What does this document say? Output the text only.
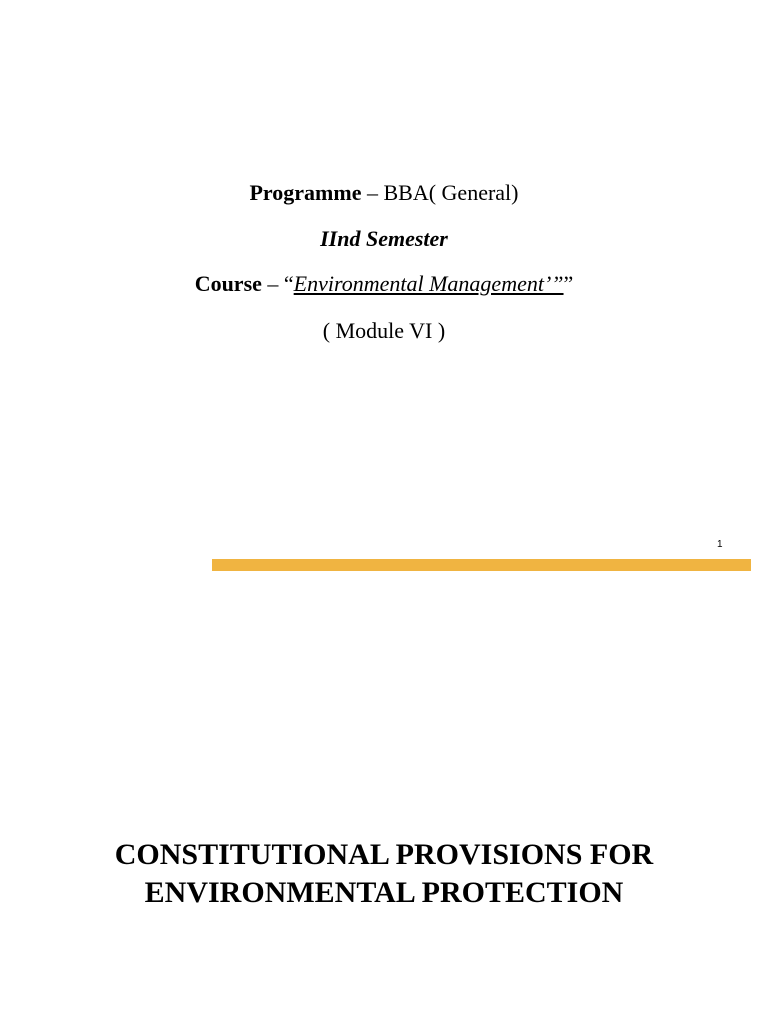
Programme – BBA( General)
IInd Semester
Course – “Environmental Management’””
( Module VI )
1
CONSTITUTIONAL PROVISIONS FOR
ENVIRONMENTAL PROTECTION
